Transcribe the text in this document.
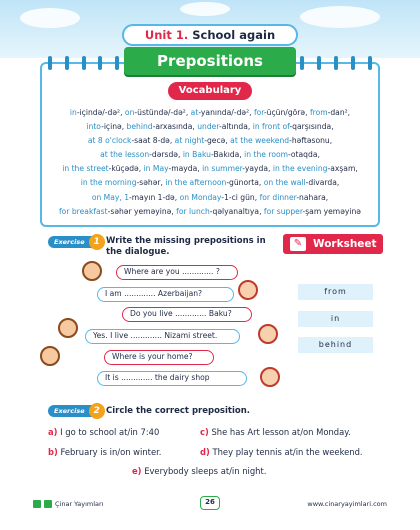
Unit 1. School again
Prepositions
Vocabulary
in-içində/-də², on-üstündə/-də², at-yanında/-də², for-üçün/görə, from-dan²,
into-içinə, behind-arxasında, under-altında, in front of-qarşısında,
at 8 o'clock-saat 8-də, at night-gecə, at the weekend-həftəsonu,
at the lesson-dərsdə, in Baku-Bakıda, in the room-otaqda,
in the street-küçədə, in May-mayda, in summer-yayda, in the evening-axşam,
in the morning-səhər, in the afternoon-günorta, on the wall-divarda,
on May, 1-mayın 1-də, on Monday-1-ci gün, for dinner-nahara,
for breakfast-səhər yeməyinə, for lunch-qəlyanaltıya, for supper-şam yeməyinə
Exercise 1 Write the missing prepositions in
the dialogue.
✎	Worksheet
Where are you ............. ?
I am ............. Azerbaijan?
Do you live ............. Baku?
Yes. I live ............. Nizami street.
Where is your home?
It is ............. the dairy shop
from
in
behind
Exercise 2 Circle the correct preposition.
a) I go to school at/in 7:40	c) She has Art lesson at/on Monday.
b) February is in/on winter.	d) They play tennis at/in the weekend.
e) Everybody sleeps at/in night.
Çinar Yayımları	26	www.cinaryayimlari.com
